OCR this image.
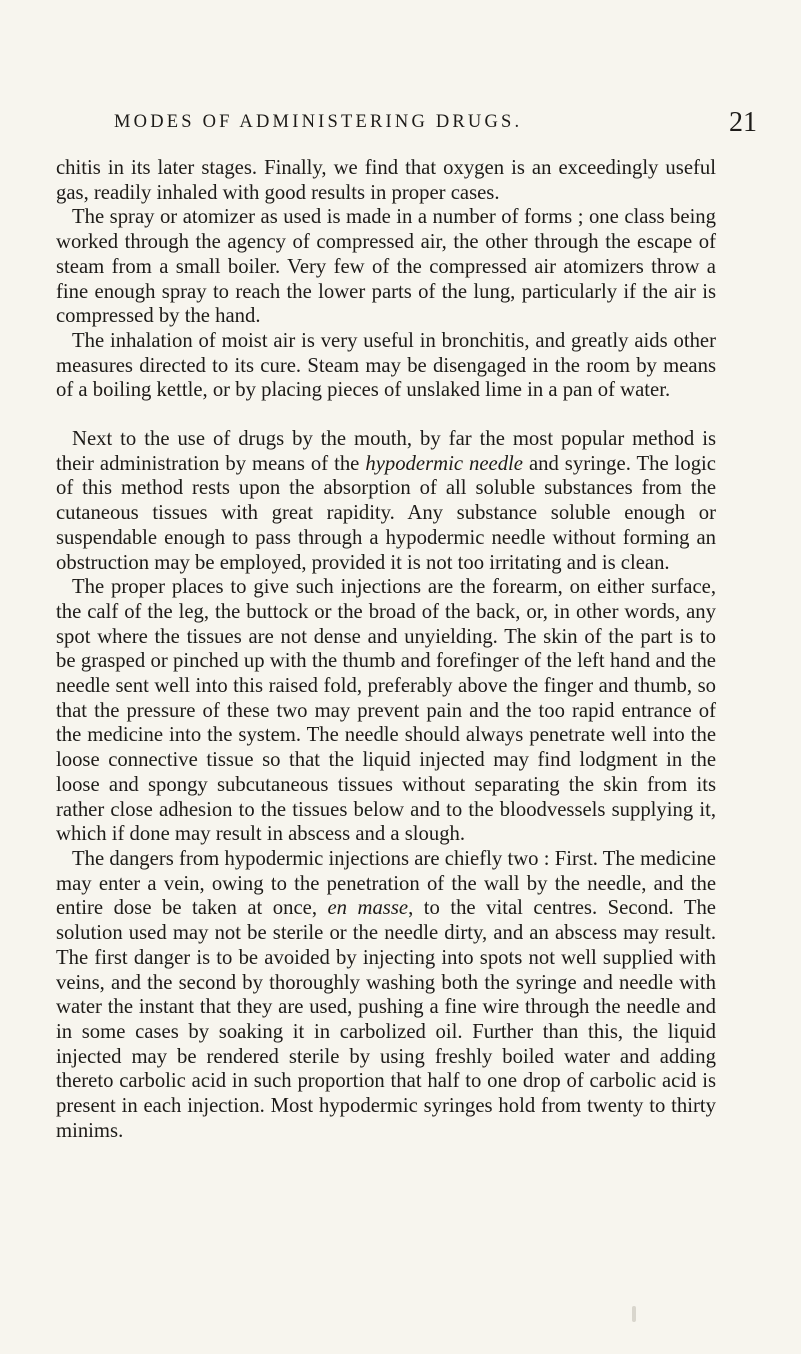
MODES OF ADMINISTERING DRUGS.	21

chitis in its later stages. Finally, we find that oxygen is an exceedingly useful gas, readily inhaled with good results in proper cases.

The spray or atomizer as used is made in a number of forms ; one class being worked through the agency of compressed air, the other through the escape of steam from a small boiler. Very few of the compressed air atomizers throw a fine enough spray to reach the lower parts of the lung, particularly if the air is compressed by the hand.

The inhalation of moist air is very useful in bronchitis, and greatly aids other measures directed to its cure. Steam may be disengaged in the room by means of a boiling kettle, or by placing pieces of unslaked lime in a pan of water.

Next to the use of drugs by the mouth, by far the most popular method is their administration by means of the hypodermic needle and syringe. The logic of this method rests upon the absorption of all soluble substances from the cutaneous tissues with great rapidity. Any substance soluble enough or suspendable enough to pass through a hypodermic needle without forming an obstruction may be employed, provided it is not too irritating and is clean.

The proper places to give such injections are the forearm, on either surface, the calf of the leg, the buttock or the broad of the back, or, in other words, any spot where the tissues are not dense and unyielding. The skin of the part is to be grasped or pinched up with the thumb and forefinger of the left hand and the needle sent well into this raised fold, preferably above the finger and thumb, so that the pressure of these two may prevent pain and the too rapid entrance of the medicine into the system. The needle should always penetrate well into the loose connective tissue so that the liquid injected may find lodgment in the loose and spongy subcutaneous tissues without separating the skin from its rather close adhesion to the tissues below and to the bloodvessels supplying it, which if done may result in abscess and a slough.

The dangers from hypodermic injections are chiefly two : First. The medicine may enter a vein, owing to the penetration of the wall by the needle, and the entire dose be taken at once, en masse, to the vital centres. Second. The solution used may not be sterile or the needle dirty, and an abscess may result. The first danger is to be avoided by injecting into spots not well supplied with veins, and the second by thoroughly washing both the syringe and needle with water the instant that they are used, pushing a fine wire through the needle and in some cases by soaking it in carbolized oil. Further than this, the liquid injected may be rendered sterile by using freshly boiled water and adding thereto carbolic acid in such proportion that half to one drop of carbolic acid is present in each injection. Most hypodermic syringes hold from twenty to thirty minims.
